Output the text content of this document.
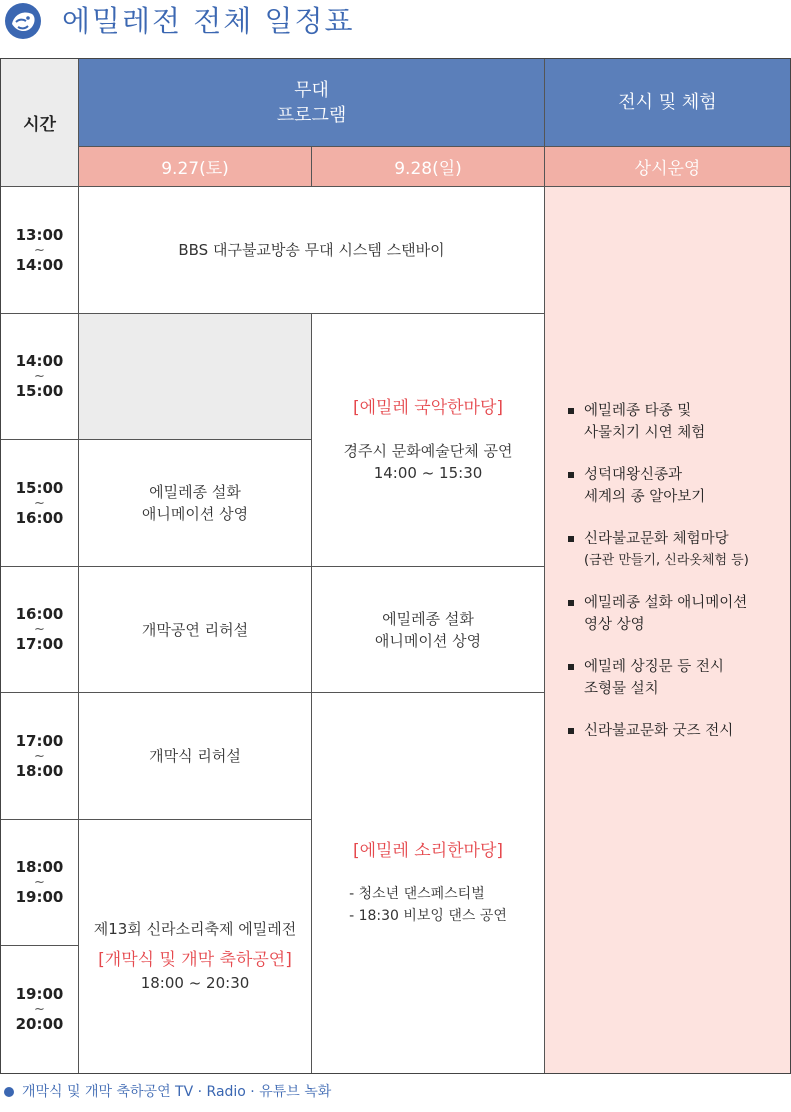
에밀레전 전체 일정표
시간
무대
프로그램
전시 및 체험
9.27(토)	9.28(일)	상시운영
13:00
~
14:00
14:00
~
15:00
15:00
~
16:00
16:00
~
17:00
17:00
~
18:00
18:00
~
19:00
19:00
~
20:00
BBS 대구불교방송 무대 시스템 스탠바이
에밀레종 설화
애니메이션 상영
[에밀레 국악한마당]
경주시 문화예술단체 공연
14:00 ~ 15:30
개막공연 리허설
에밀레종 설화
애니메이션 상영
개막식 리허설
제13회 신라소리축제 에밀레전
[개막식 및 개막 축하공연]
18:00 ~ 20:30
[에밀레 소리한마당]
- 청소년 댄스페스티벌
- 18:30 비보잉 댄스 공연
에밀레종 타종 및
사물치기 시연 체험
성덕대왕신종과
세계의 종 알아보기
신라불교문화 체험마당
(금관 만들기, 신라옷체험 등)
에밀레종 설화 애니메이션
영상 상영
에밀레 상징문 등 전시
조형물 설치
신라불교문화 굿즈 전시
개막식 및 개막 축하공연 TV · Radio · 유튜브 녹화
